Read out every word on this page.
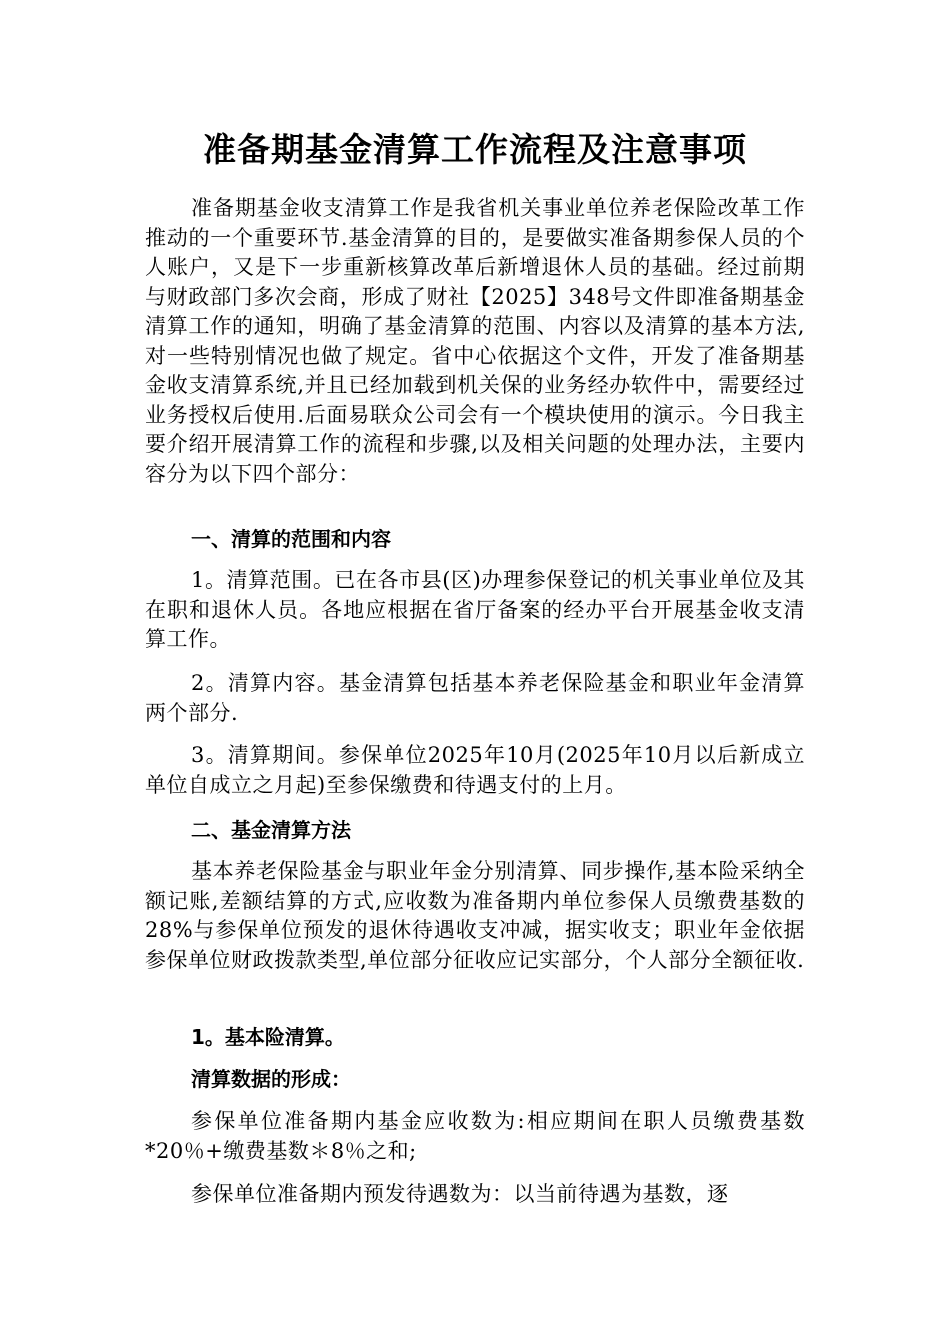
准备期基金清算工作流程及注意事项

准备期基金收支清算工作是我省机关事业单位养老保险改革工作推动的一个重要环节.基金清算的目的，是要做实准备期参保人员的个人账户，又是下一步重新核算改革后新增退休人员的基础。经过前期与财政部门多次会商，形成了财社【2025】348号文件即准备期基金清算工作的通知，明确了基金清算的范围、内容以及清算的基本方法,对一些特别情况也做了规定。省中心依据这个文件，开发了准备期基金收支清算系统,并且已经加载到机关保的业务经办软件中，需要经过业务授权后使用.后面易联众公司会有一个模块使用的演示。今日我主要介绍开展清算工作的流程和步骤,以及相关问题的处理办法，主要内容分为以下四个部分：

一、清算的范围和内容

1。清算范围。已在各市县(区)办理参保登记的机关事业单位及其在职和退休人员。各地应根据在省厅备案的经办平台开展基金收支清算工作。

2。清算内容。基金清算包括基本养老保险基金和职业年金清算两个部分.

3。清算期间。参保单位2025年10月(2025年10月以后新成立单位自成立之月起)至参保缴费和待遇支付的上月。

二、基金清算方法

基本养老保险基金与职业年金分别清算、同步操作,基本险采纳全额记账,差额结算的方式,应收数为准备期内单位参保人员缴费基数的28%与参保单位预发的退休待遇收支冲减，据实收支；职业年金依据参保单位财政拨款类型,单位部分征收应记实部分，个人部分全额征收.

1。基本险清算。
清算数据的形成：

参保单位准备期内基金应收数为:相应期间在职人员缴费基数*20％+缴费基数＊8％之和;

参保单位准备期内预发待遇数为：以当前待遇为基数，逐
